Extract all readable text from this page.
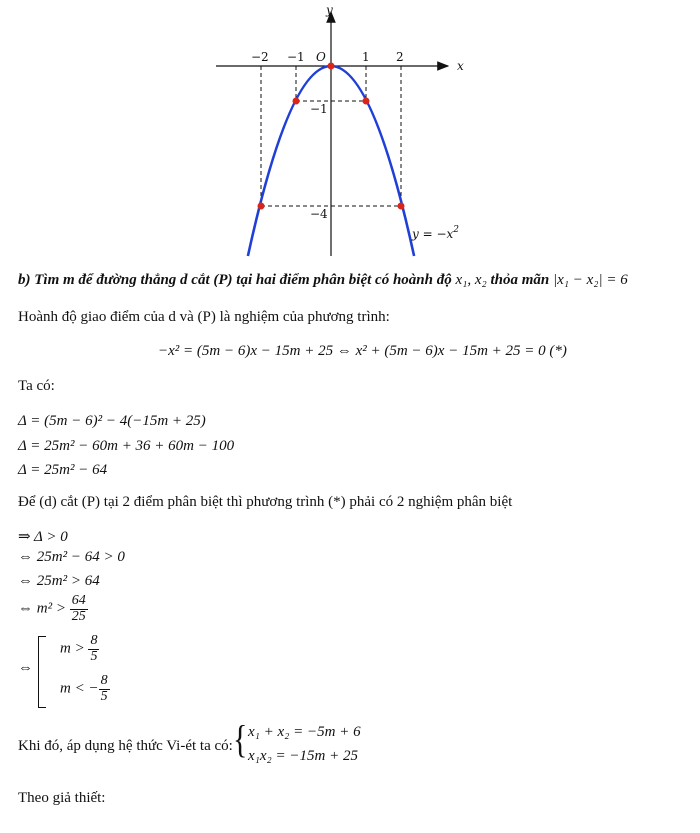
x
y
O
−2 −1	1 2
−1
−4
$y = -x^2$
b) Tìm m để đường thẳng d cắt (P) tại hai điểm phân biệt có hoành độ x₁, x₂ thỏa mãn |x₁ − x₂| = 6
Hoành độ giao điểm của d và (P) là nghiệm của phương trình:
−x² = (5m − 6)x − 15m + 25 ⇔ x² + (5m − 6)x − 15m + 25 = 0 (*)
Ta có:
Δ = (5m − 6)² − 4(−15m + 25)
Δ = 25m² − 60m + 36 + 60m − 100
Δ = 25m² − 64
Để (d) cắt (P) tại 2 điểm phân biệt thì phương trình (*) phải có 2 nghiệm phân biệt
⇒ Δ > 0
⇔ 25m² − 64 > 0
⇔ 25m² > 64
⇔ $m^2 > \frac{64}{25}$
⇔
$m > \frac{8}{5}$
m < − $\frac{8}{5}$
Khi đó, áp dụng hệ thức Vi-ét ta có: { x₁ + x₂ = −5m + 6
x₁x₂ = −15m + 25
Theo giả thiết:
